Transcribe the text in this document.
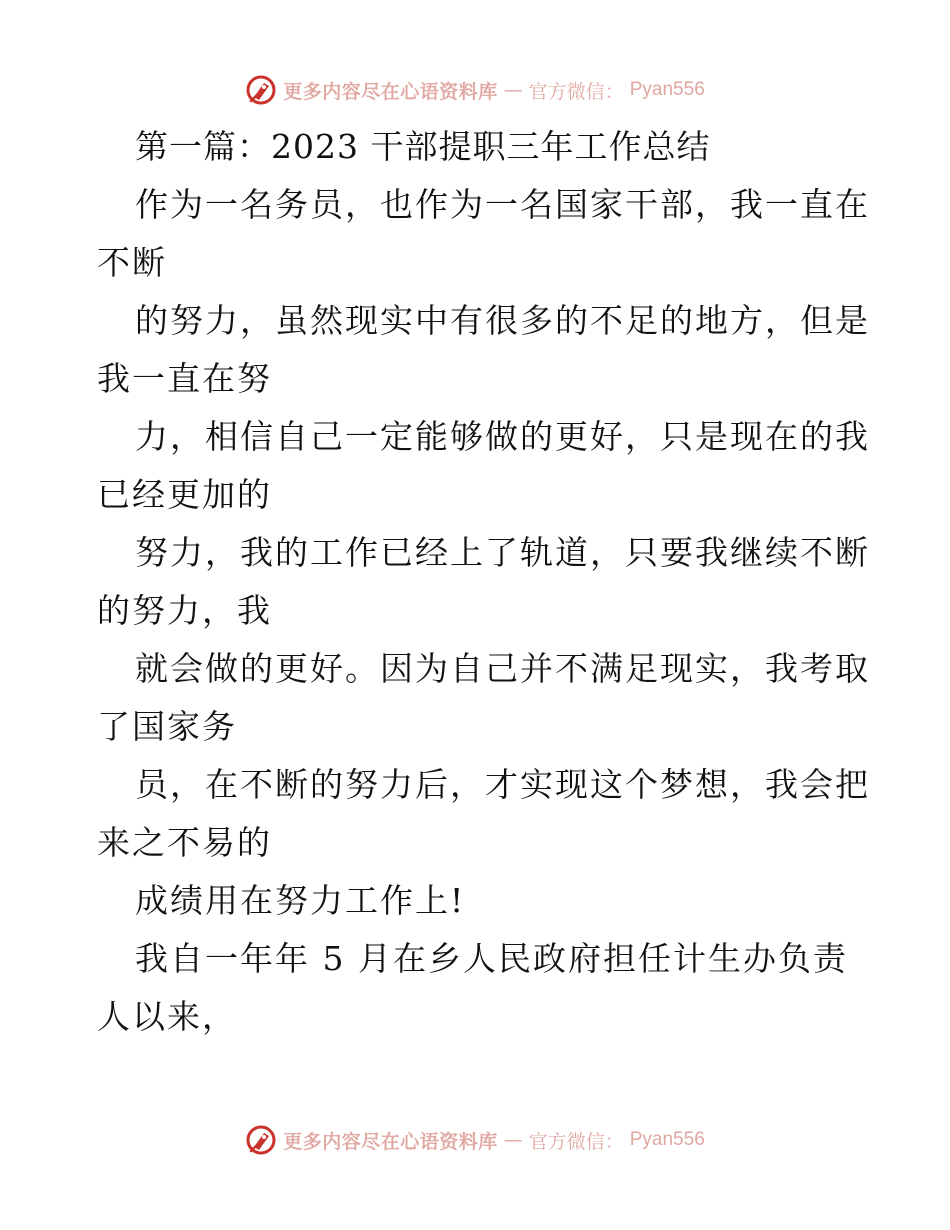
更多内容尽在心语资料库 — 官方微信： Pyan556
第一篇：2023 干部提职三年工作总结
作为一名务员，也作为一名国家干部，我一直在
不断
的努力，虽然现实中有很多的不足的地方，但是
我一直在努
力，相信自己一定能够做的更好，只是现在的我
已经更加的
努力，我的工作已经上了轨道，只要我继续不断
的努力，我
就会做的更好。因为自己并不满足现实，我考取
了国家务
员，在不断的努力后，才实现这个梦想，我会把
来之不易的
成绩用在努力工作上!
我自一年年 5 月在乡人民政府担任计生办负责
人以来，
更多内容尽在心语资料库 — 官方微信： Pyan556
